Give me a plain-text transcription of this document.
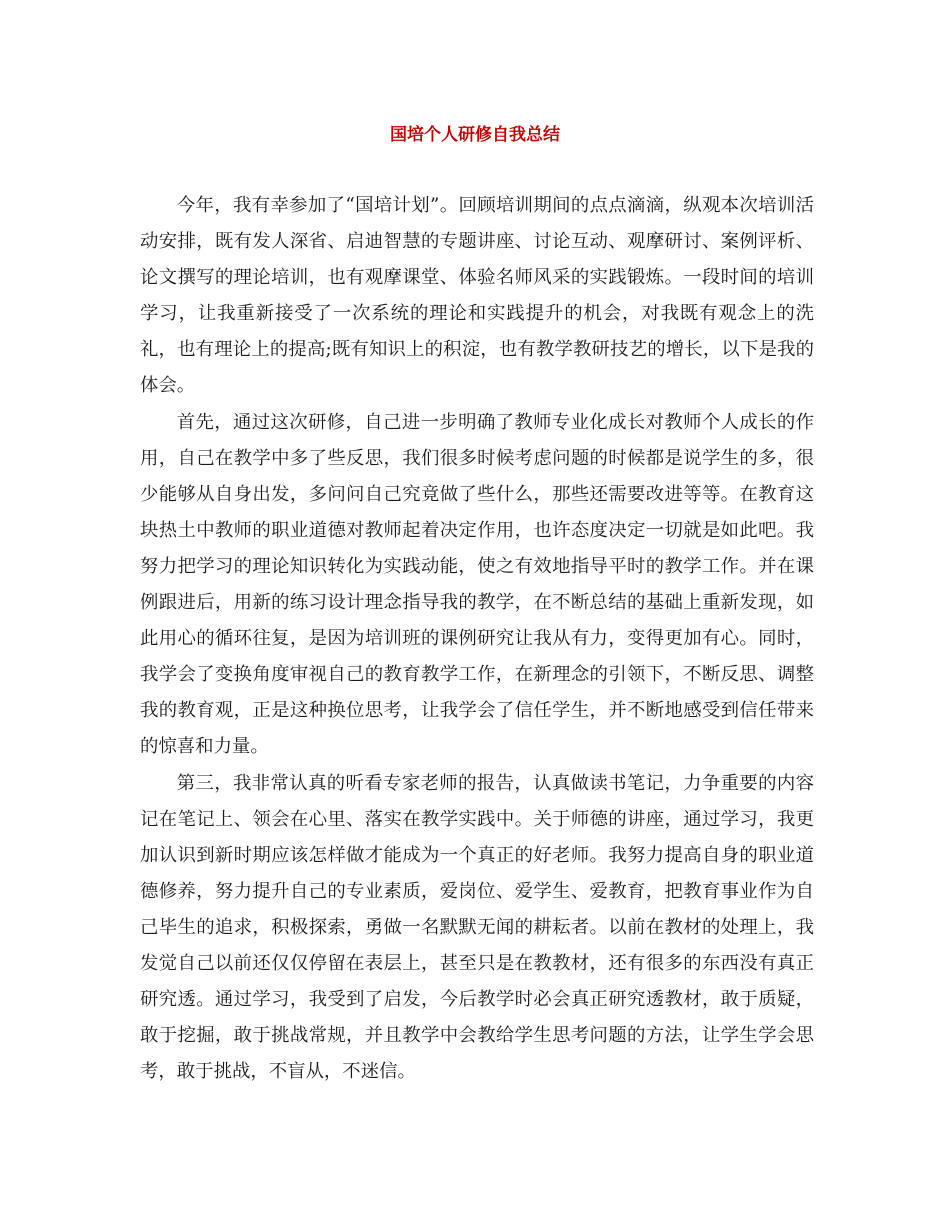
国培个人研修自我总结

今年，我有幸参加了“国培计划”。回顾培训期间的点点滴滴，纵观本次培训活动安排，既有发人深省、启迪智慧的专题讲座、讨论互动、观摩研讨、案例评析、论文撰写的理论培训，也有观摩课堂、体验名师风采的实践锻炼。一段时间的培训学习，让我重新接受了一次系统的理论和实践提升的机会，对我既有观念上的洗礼，也有理论上的提高;既有知识上的积淀，也有教学教研技艺的增长，以下是我的体会。

首先，通过这次研修，自己进一步明确了教师专业化成长对教师个人成长的作用，自己在教学中多了些反思，我们很多时候考虑问题的时候都是说学生的多，很少能够从自身出发，多问问自己究竟做了些什么，那些还需要改进等等。在教育这块热土中教师的职业道德对教师起着决定作用，也许态度决定一切就是如此吧。我努力把学习的理论知识转化为实践动能，使之有效地指导平时的教学工作。并在课例跟进后，用新的练习设计理念指导我的教学，在不断总结的基础上重新发现，如此用心的循环往复，是因为培训班的课例研究让我从有力，变得更加有心。同时，我学会了变换角度审视自己的教育教学工作，在新理念的引领下，不断反思、调整我的教育观，正是这种换位思考，让我学会了信任学生，并不断地感受到信任带来的惊喜和力量。

第三，我非常认真的听看专家老师的报告，认真做读书笔记，力争重要的内容记在笔记上、领会在心里、落实在教学实践中。关于师德的讲座，通过学习，我更加认识到新时期应该怎样做才能成为一个真正的好老师。我努力提高自身的职业道德修养，努力提升自己的专业素质，爱岗位、爱学生、爱教育，把教育事业作为自己毕生的追求，积极探索，勇做一名默默无闻的耕耘者。以前在教材的处理上，我发觉自己以前还仅仅停留在表层上，甚至只是在教教材，还有很多的东西没有真正研究透。通过学习，我受到了启发，今后教学时必会真正研究透教材，敢于质疑，敢于挖掘，敢于挑战常规，并且教学中会教给学生思考问题的方法，让学生学会思考，敢于挑战，不盲从，不迷信。
